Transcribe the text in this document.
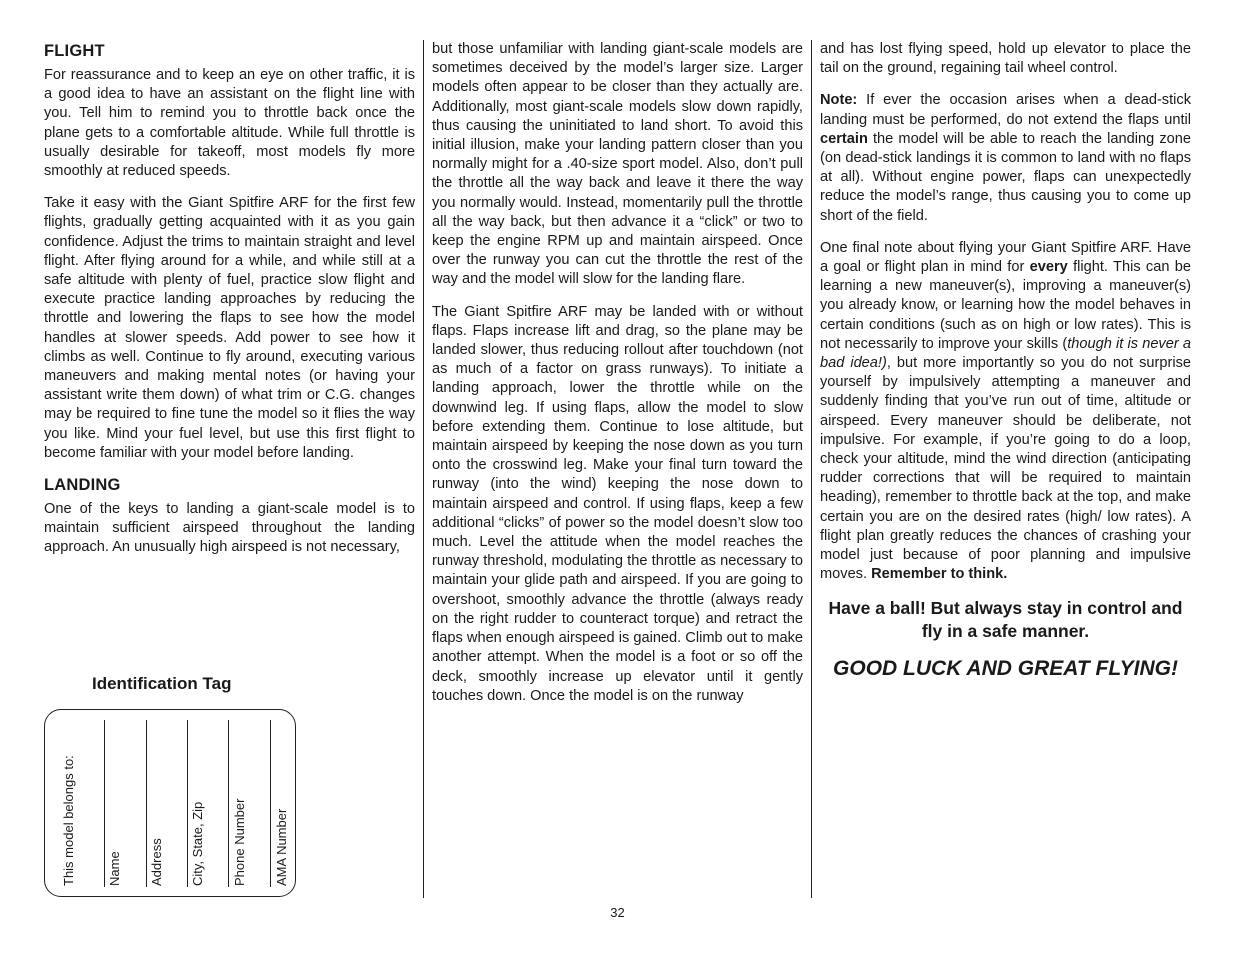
FLIGHT

For reassurance and to keep an eye on other traffic, it is a good idea to have an assistant on the flight line with you. Tell him to remind you to throttle back once the plane gets to a comfortable altitude. While full throttle is usually desirable for takeoff, most models fly more smoothly at reduced speeds.

Take it easy with the Giant Spitfire ARF for the first few flights, gradually getting acquainted with it as you gain confidence. Adjust the trims to maintain straight and level flight. After flying around for a while, and while still at a safe altitude with plenty of fuel, practice slow flight and execute practice landing approaches by reducing the throttle and lowering the flaps to see how the model handles at slower speeds. Add power to see how it climbs as well. Continue to fly around, executing various maneuvers and making mental notes (or having your assistant write them down) of what trim or C.G. changes may be required to fine tune the model so it flies the way you like. Mind your fuel level, but use this first flight to become familiar with your model before landing.

LANDING

One of the keys to landing a giant-scale model is to maintain sufficient airspeed throughout the landing approach. An unusually high airspeed is not necessary,

Identification Tag
This model belongs to: Name Address City, State, Zip Phone Number AMA Number

but those unfamiliar with landing giant-scale models are sometimes deceived by the model’s larger size. Larger models often appear to be closer than they actually are. Additionally, most giant-scale models slow down rapidly, thus causing the uninitiated to land short. To avoid this initial illusion, make your landing pattern closer than you normally might for a .40-size sport model. Also, don’t pull the throttle all the way back and leave it there the way you normally would. Instead, momentarily pull the throttle all the way back, but then advance it a “click” or two to keep the engine RPM up and maintain airspeed. Once over the runway you can cut the throttle the rest of the way and the model will slow for the landing flare.

The Giant Spitfire ARF may be landed with or without flaps. Flaps increase lift and drag, so the plane may be landed slower, thus reducing rollout after touchdown (not as much of a factor on grass runways). To initiate a landing approach, lower the throttle while on the downwind leg. If using flaps, allow the model to slow before extending them. Continue to lose altitude, but maintain airspeed by keeping the nose down as you turn onto the crosswind leg. Make your final turn toward the runway (into the wind) keeping the nose down to maintain airspeed and control. If using flaps, keep a few additional “clicks” of power so the model doesn’t slow too much. Level the attitude when the model reaches the runway threshold, modulating the throttle as necessary to maintain your glide path and airspeed. If you are going to overshoot, smoothly advance the throttle (always ready on the right rudder to counteract torque) and retract the flaps when enough airspeed is gained. Climb out to make another attempt. When the model is a foot or so off the deck, smoothly increase up elevator until it gently touches down. Once the model is on the runway

and has lost flying speed, hold up elevator to place the tail on the ground, regaining tail wheel control.

Note: If ever the occasion arises when a dead-stick landing must be performed, do not extend the flaps until certain the model will be able to reach the landing zone (on dead-stick landings it is common to land with no flaps at all). Without engine power, flaps can unexpectedly reduce the model’s range, thus causing you to come up short of the field.

One final note about flying your Giant Spitfire ARF. Have a goal or flight plan in mind for every flight. This can be learning a new maneuver(s), improving a maneuver(s) you already know, or learning how the model behaves in certain conditions (such as on high or low rates). This is not necessarily to improve your skills (though it is never a bad idea!), but more importantly so you do not surprise yourself by impulsively attempting a maneuver and suddenly finding that you’ve run out of time, altitude or airspeed. Every maneuver should be deliberate, not impulsive. For example, if you’re going to do a loop, check your altitude, mind the wind direction (anticipating rudder corrections that will be required to maintain heading), remember to throttle back at the top, and make certain you are on the desired rates (high/ low rates). A flight plan greatly reduces the chances of crashing your model just because of poor planning and impulsive moves. Remember to think.

Have a ball! But always stay in control and fly in a safe manner.
GOOD LUCK AND GREAT FLYING!
32
